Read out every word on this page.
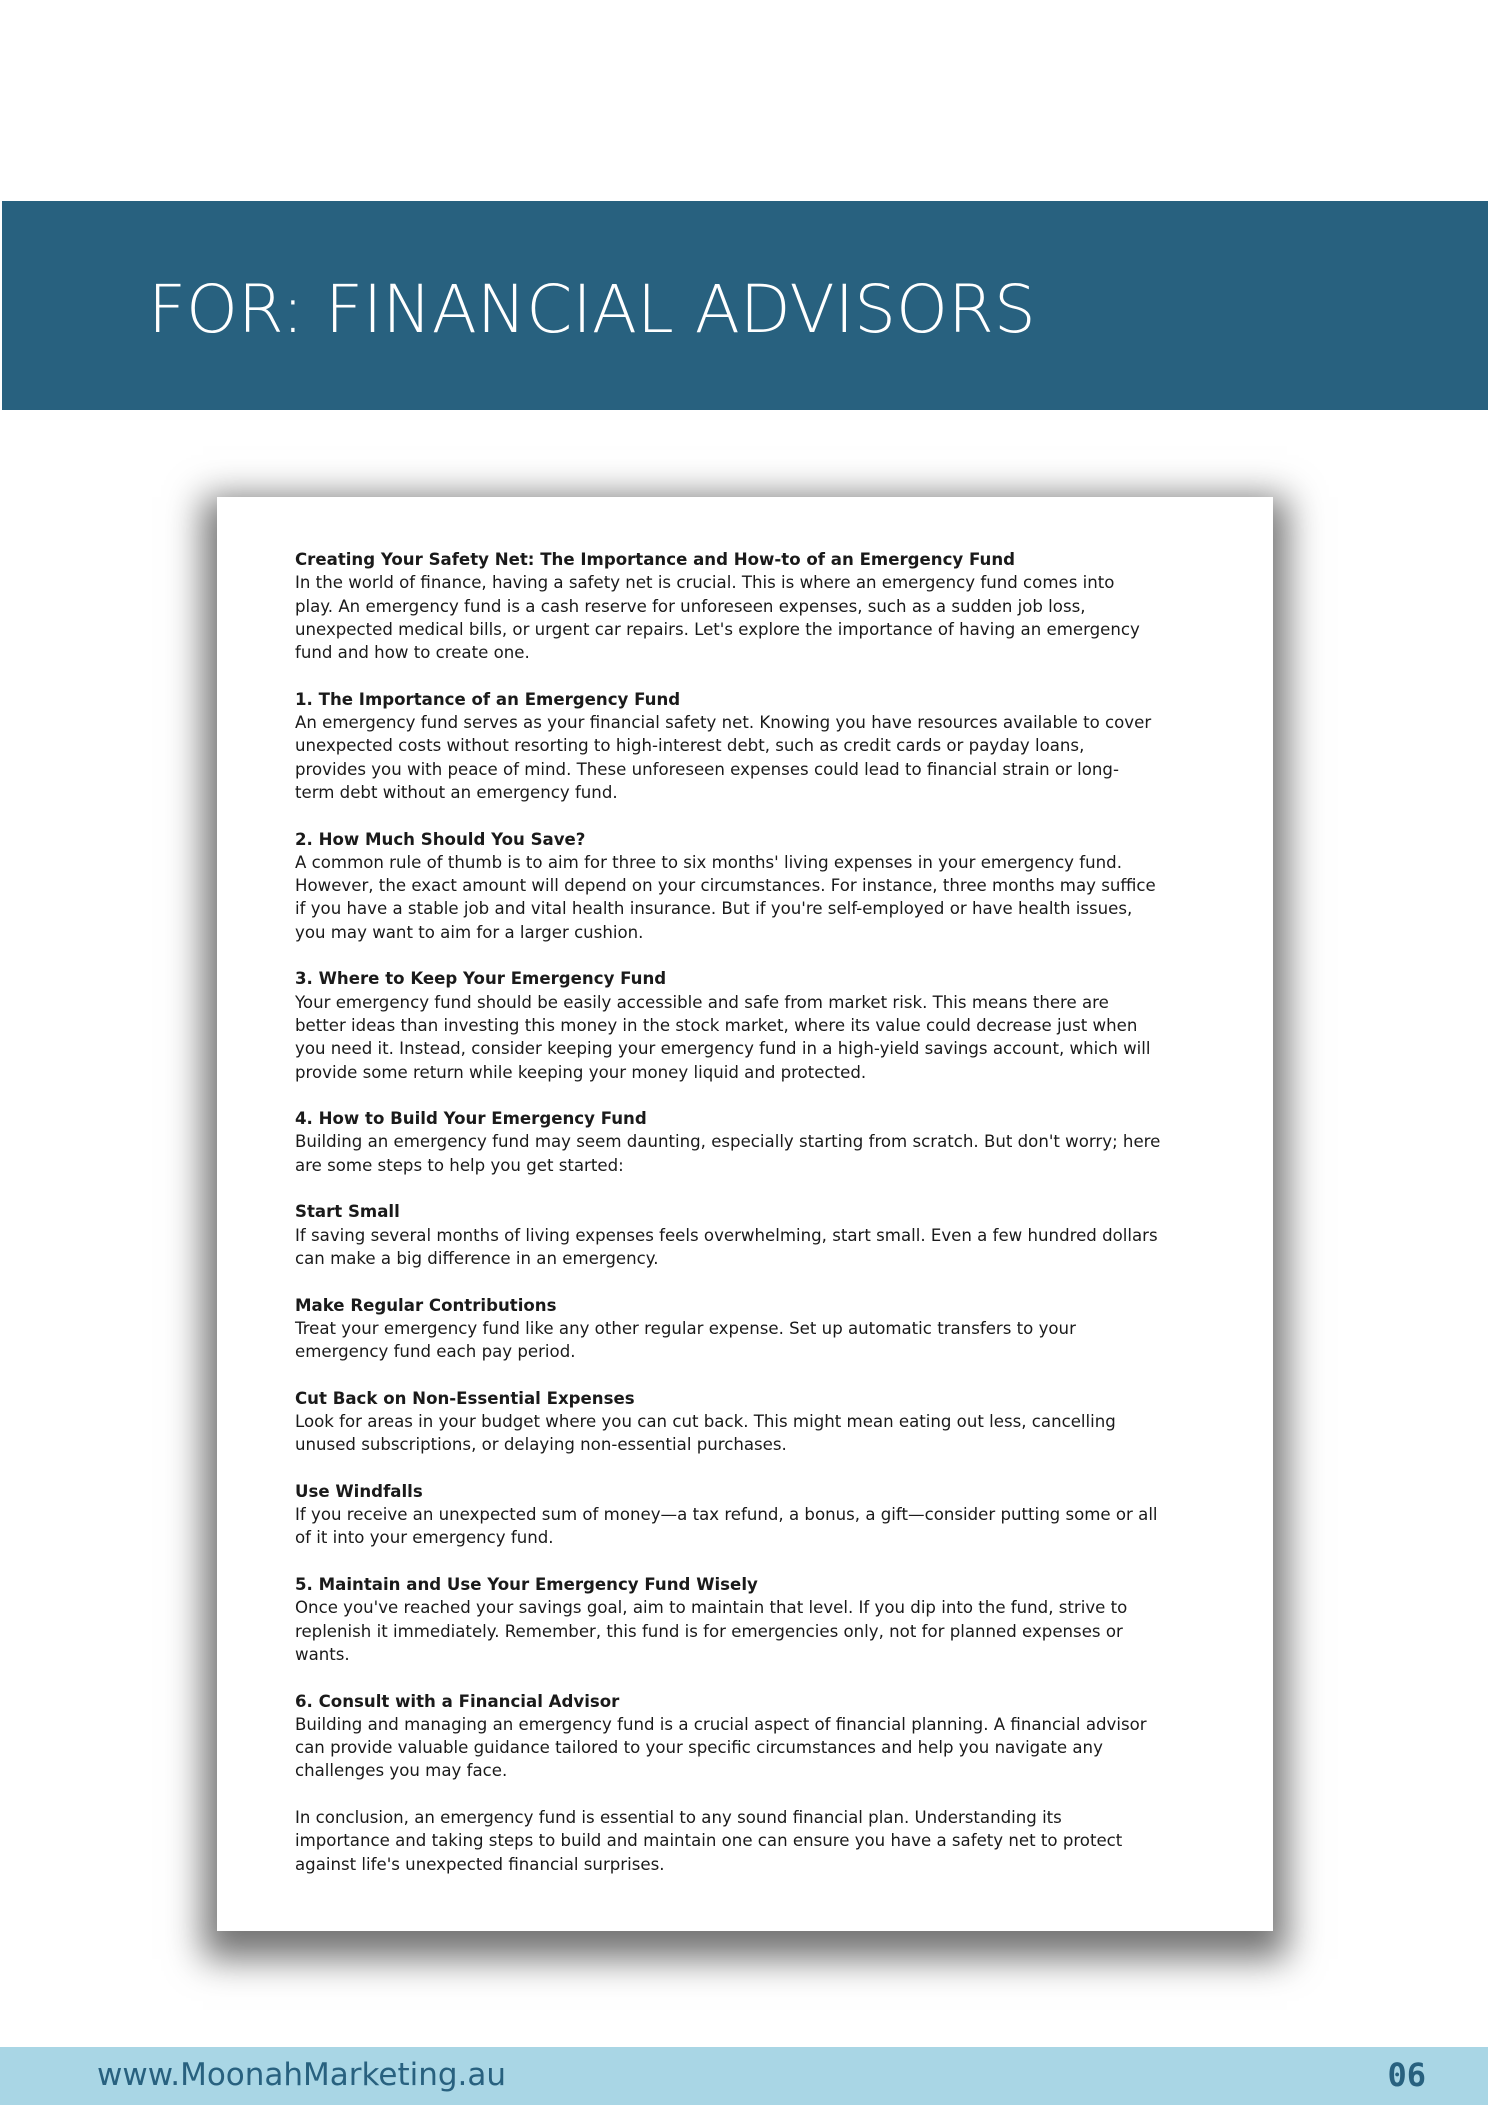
FOR: FINANCIAL ADVISORS
Creating Your Safety Net: The Importance and How-to of an Emergency Fund
In the world of finance, having a safety net is crucial. This is where an emergency fund comes into
play. An emergency fund is a cash reserve for unforeseen expenses, such as a sudden job loss,
unexpected medical bills, or urgent car repairs. Let's explore the importance of having an emergency
fund and how to create one.
1. The Importance of an Emergency Fund
An emergency fund serves as your financial safety net. Knowing you have resources available to cover
unexpected costs without resorting to high-interest debt, such as credit cards or payday loans,
provides you with peace of mind. These unforeseen expenses could lead to financial strain or long-
term debt without an emergency fund.
2. How Much Should You Save?
A common rule of thumb is to aim for three to six months' living expenses in your emergency fund.
However, the exact amount will depend on your circumstances. For instance, three months may suffice
if you have a stable job and vital health insurance. But if you're self-employed or have health issues,
you may want to aim for a larger cushion.
3. Where to Keep Your Emergency Fund
Your emergency fund should be easily accessible and safe from market risk. This means there are
better ideas than investing this money in the stock market, where its value could decrease just when
you need it. Instead, consider keeping your emergency fund in a high-yield savings account, which will
provide some return while keeping your money liquid and protected.
4. How to Build Your Emergency Fund
Building an emergency fund may seem daunting, especially starting from scratch. But don't worry; here
are some steps to help you get started:
Start Small
If saving several months of living expenses feels overwhelming, start small. Even a few hundred dollars
can make a big difference in an emergency.
Make Regular Contributions
Treat your emergency fund like any other regular expense. Set up automatic transfers to your
emergency fund each pay period.
Cut Back on Non-Essential Expenses
Look for areas in your budget where you can cut back. This might mean eating out less, cancelling
unused subscriptions, or delaying non-essential purchases.
Use Windfalls
If you receive an unexpected sum of money—a tax refund, a bonus, a gift—consider putting some or all
of it into your emergency fund.
5. Maintain and Use Your Emergency Fund Wisely
Once you've reached your savings goal, aim to maintain that level. If you dip into the fund, strive to
replenish it immediately. Remember, this fund is for emergencies only, not for planned expenses or
wants.
6. Consult with a Financial Advisor
Building and managing an emergency fund is a crucial aspect of financial planning. A financial advisor
can provide valuable guidance tailored to your specific circumstances and help you navigate any
challenges you may face.
In conclusion, an emergency fund is essential to any sound financial plan. Understanding its
importance and taking steps to build and maintain one can ensure you have a safety net to protect
against life's unexpected financial surprises.
www.MoonahMarketing.au	06
